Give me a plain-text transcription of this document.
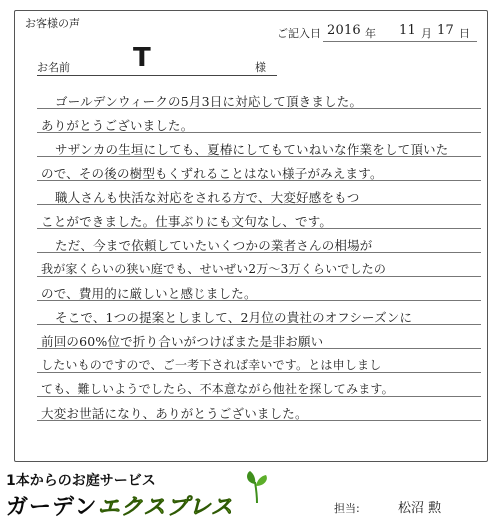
お客様の声
ご記入日 2016 年 11 月 17 日
お名前 T	様
ゴールデンウィークの5月3日に対応して頂きました。
ありがとうございました。
サザンカの生垣にしても、夏椿にしてもていねいな作業をして頂いた
ので、その後の樹型もくずれることはない様子がみえます。
職人さんも快活な対応をされる方で、大変好感をもつ
ことができました。仕事ぶりにも文句なし、です。
ただ、今まで依頼していたいくつかの業者さんの相場が
我が家くらいの狭い庭でも、せいぜい2万〜3万くらいでしたの
ので、費用的に厳しいと感じました。
そこで、1つの提案としまして、2月位の貴社のオフシーズンに
前回の60%位で折り合いがつけばまた是非お願い
したいものですので、ご一考下されば幸いです。とは申しまし
ても、難しいようでしたら、不本意ながら他社を探してみます。
大変お世話になり、ありがとうございました。
1本からのお庭サービス
ガーデンエクスプレス	担当:	松沼 勲
